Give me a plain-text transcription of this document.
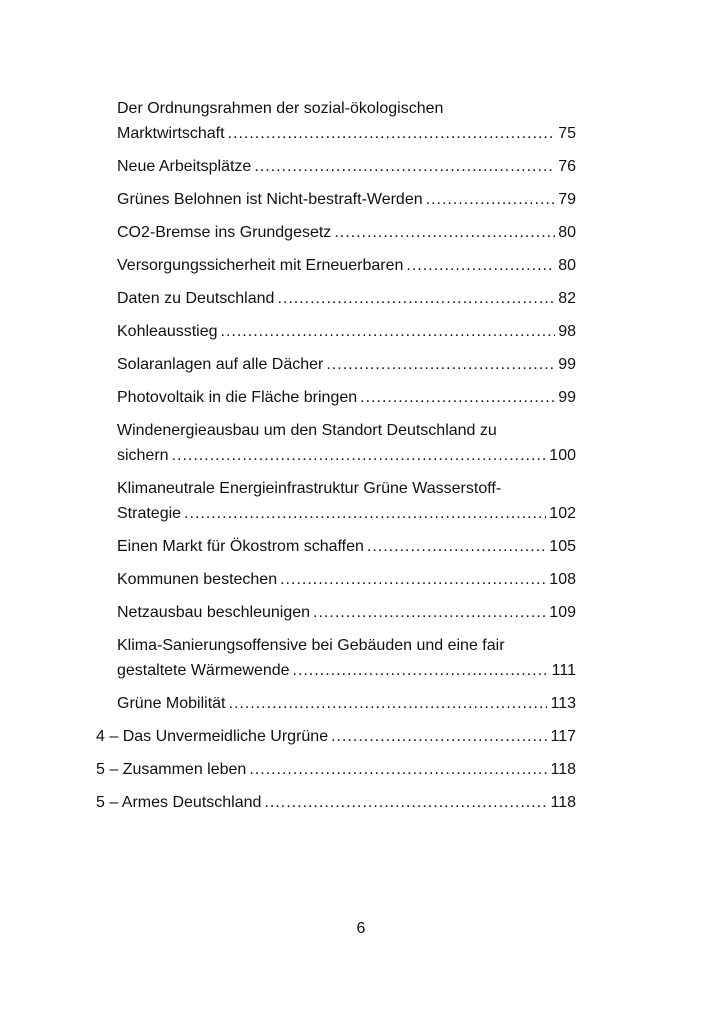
Der Ordnungsrahmen der sozial-ökologischen
Marktwirtschaft .....	75
Neue Arbeitsplätze .....	76
Grünes Belohnen ist Nicht-bestraft-Werden .....	79
CO2-Bremse ins Grundgesetz .....	80
Versorgungssicherheit mit Erneuerbaren .....	80
Daten zu Deutschland .....	82
Kohleausstieg .....	98
Solaranlagen auf alle Dächer .....	99
Photovoltaik in die Fläche bringen .....	99
Windenergieausbau um den Standort Deutschland zu
sichern .....	100
Klimaneutrale Energieinfrastruktur Grüne Wasserstoff-
Strategie .....	102
Einen Markt für Ökostrom schaffen .....	105
Kommunen bestechen .....	108
Netzausbau beschleunigen .....	109
Klima-Sanierungsoffensive bei Gebäuden und eine fair
gestaltete Wärmewende .....	111
Grüne Mobilität .....	113
4 – Das Unvermeidliche Urgrüne .....	117
5 – Zusammen leben .....	118
5 – Armes Deutschland .....	118
6
